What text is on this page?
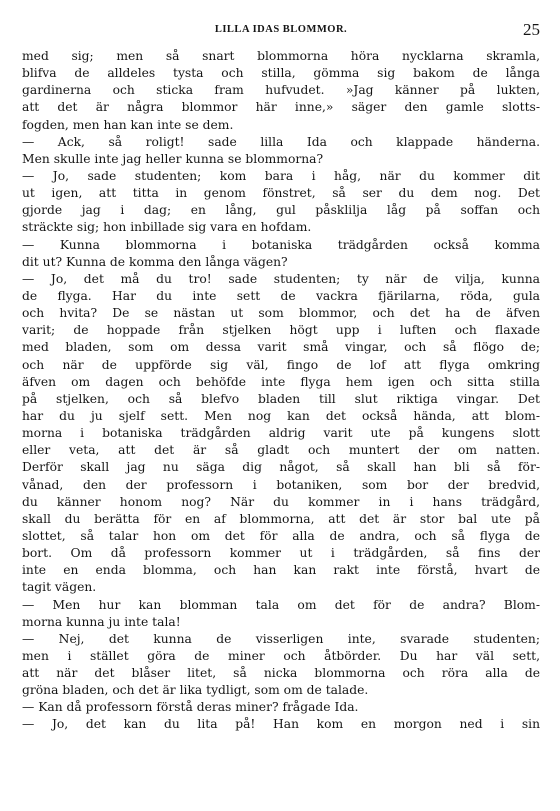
LILLA IDAS BLOMMOR.	25
med sig; men så snart blommorna höra nycklarna skramla,
blifva de alldeles tysta och stilla, gömma sig bakom de långa
gardinerna och sticka fram hufvudet. »Jag känner på lukten,
att det är några blommor här inne,» säger den gamle slotts-
fogden, men han kan inte se dem.
— Ack, så roligt! sade lilla Ida och klappade händerna.
Men skulle inte jag heller kunna se blommorna?
— Jo, sade studenten; kom bara i håg, när du kommer dit
ut igen, att titta in genom fönstret, så ser du dem nog. Det
gjorde jag i dag; en lång, gul påsklilja låg på soffan och
sträckte sig; hon inbillade sig vara en hofdam.
— Kunna blommorna i botaniska trädgården också komma
dit ut? Kunna de komma den långa vägen?
— Jo, det må du tro! sade studenten; ty när de vilja, kunna
de flyga. Har du inte sett de vackra fjärilarna, röda, gula
och hvita? De se nästan ut som blommor, och det ha de äfven
varit; de hoppade från stjelken högt upp i luften och flaxade
med bladen, som om dessa varit små vingar, och så flögo de;
och när de uppförde sig väl, fingo de lof att flyga omkring
äfven om dagen och behöfde inte flyga hem igen och sitta stilla
på stjelken, och så blefvo bladen till slut riktiga vingar. Det
har du ju sjelf sett. Men nog kan det också hända, att blom-
morna i botaniska trädgården aldrig varit ute på kungens slott
eller veta, att det är så gladt och muntert der om natten.
Derför skall jag nu säga dig något, så skall han bli så för-
vånad, den der professorn i botaniken, som bor der bredvid,
du känner honom nog? När du kommer in i hans trädgård,
skall du berätta för en af blommorna, att det är stor bal ute på
slottet, så talar hon om det för alla de andra, och så flyga de
bort. Om då professorn kommer ut i trädgården, så fins der
inte en enda blomma, och han kan rakt inte förstå, hvart de
tagit vägen.
— Men hur kan blomman tala om det för de andra? Blom-
morna kunna ju inte tala!
— Nej, det kunna de visserligen inte, svarade studenten;
men i stället göra de miner och åtbörder. Du har väl sett,
att när det blåser litet, så nicka blommorna och röra alla de
gröna bladen, och det är lika tydligt, som om de talade.
— Kan då professorn förstå deras miner? frågade Ida.
— Jo, det kan du lita på! Han kom en morgon ned i sin
